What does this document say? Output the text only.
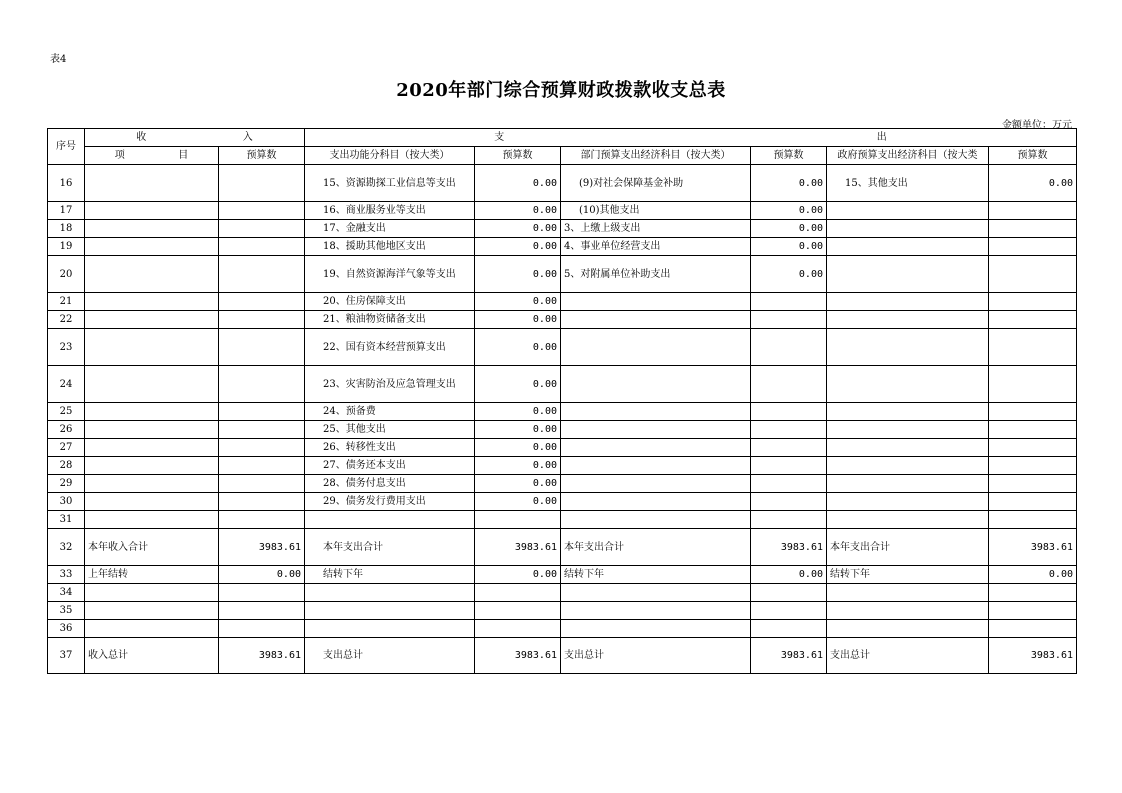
表4
2020年部门综合预算财政拨款收支总表
金额单位：万元
序号	收 入		支 出					

	项 目	预算数	支出功能分科目（按大类）	预算数	部门预算支出经济科目（按大类）	预算数	政府预算支出经济科目（按大类	预算数
16			15、资源勘探工业信息等支出	0.00	(9)对社会保障基金补助	0.00	15、其他支出	0.00
17			16、商业服务业等支出	0.00	(10)其他支出	0.00		
18			17、金融支出	0.00	3、上缴上级支出	0.00		
19			18、援助其他地区支出	0.00	4、事业单位经营支出	0.00		
20			19、自然资源海洋气象等支出	0.00	5、对附属单位补助支出	0.00		
21			20、住房保障支出	0.00				
22			21、粮油物资储备支出	0.00				
23			22、国有资本经营预算支出	0.00				
24			23、灾害防治及应急管理支出	0.00				
25			24、预备费	0.00				
26			25、其他支出	0.00				
27			26、转移性支出	0.00				
28			27、债务还本支出	0.00				
29			28、债务付息支出	0.00				
30			29、债务发行费用支出	0.00				
31								
32	本年收入合计	3983.61	本年支出合计	3983.61	本年支出合计	3983.61	本年支出合计	3983.61
33	上年结转	0.00	结转下年	0.00	结转下年	0.00	结转下年	0.00
34								
35								
36								
37	收入总计	3983.61	支出总计	3983.61	支出总计	3983.61	支出总计	3983.61
